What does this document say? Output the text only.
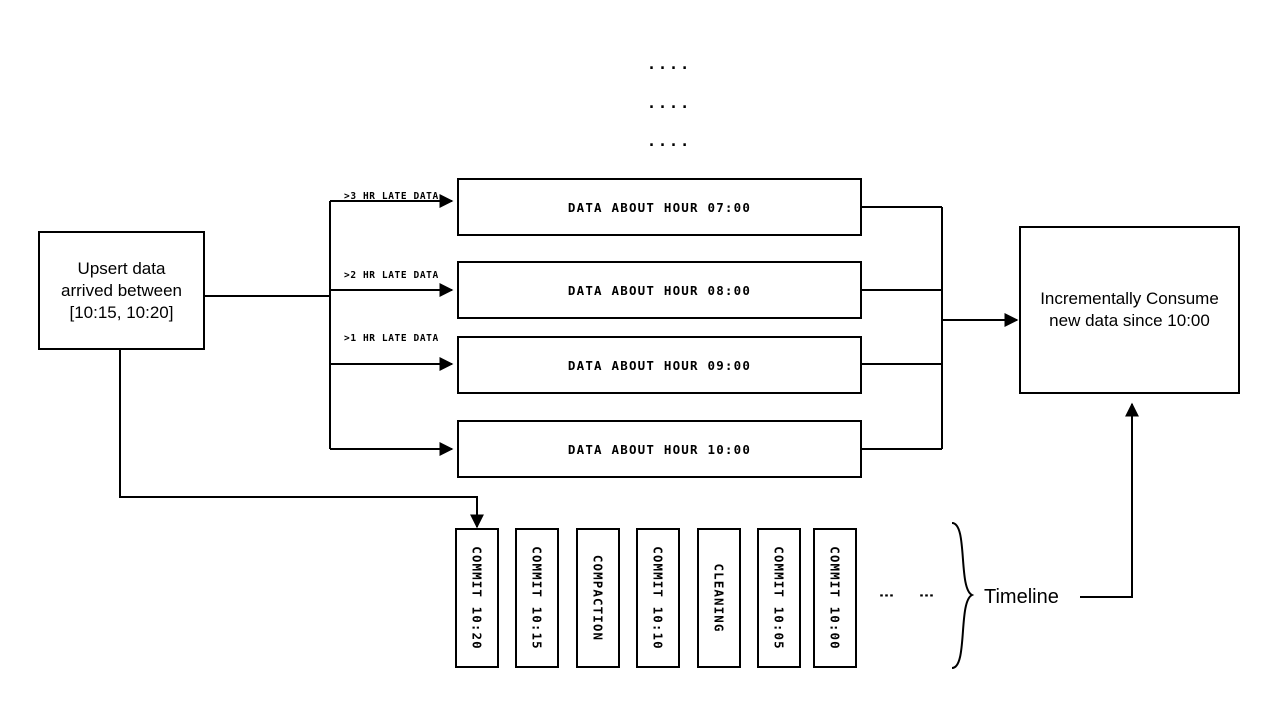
....
....
....
Upsert data
arrived between
[10:15, 10:20]
>3 HR LATE DATA
>2 HR LATE DATA
>1 HR LATE DATA
DATA ABOUT HOUR 07:00
DATA ABOUT HOUR 08:00
DATA ABOUT HOUR 09:00
DATA ABOUT HOUR 10:00
Incrementally Consume
new data since 10:00
COMMIT 10:20	COMMIT 10:15	COMPACTION	COMMIT 10:10	CLEANING	COMMIT 10:05	COMMIT 10:00 ⋮ ⋮ Timeline
